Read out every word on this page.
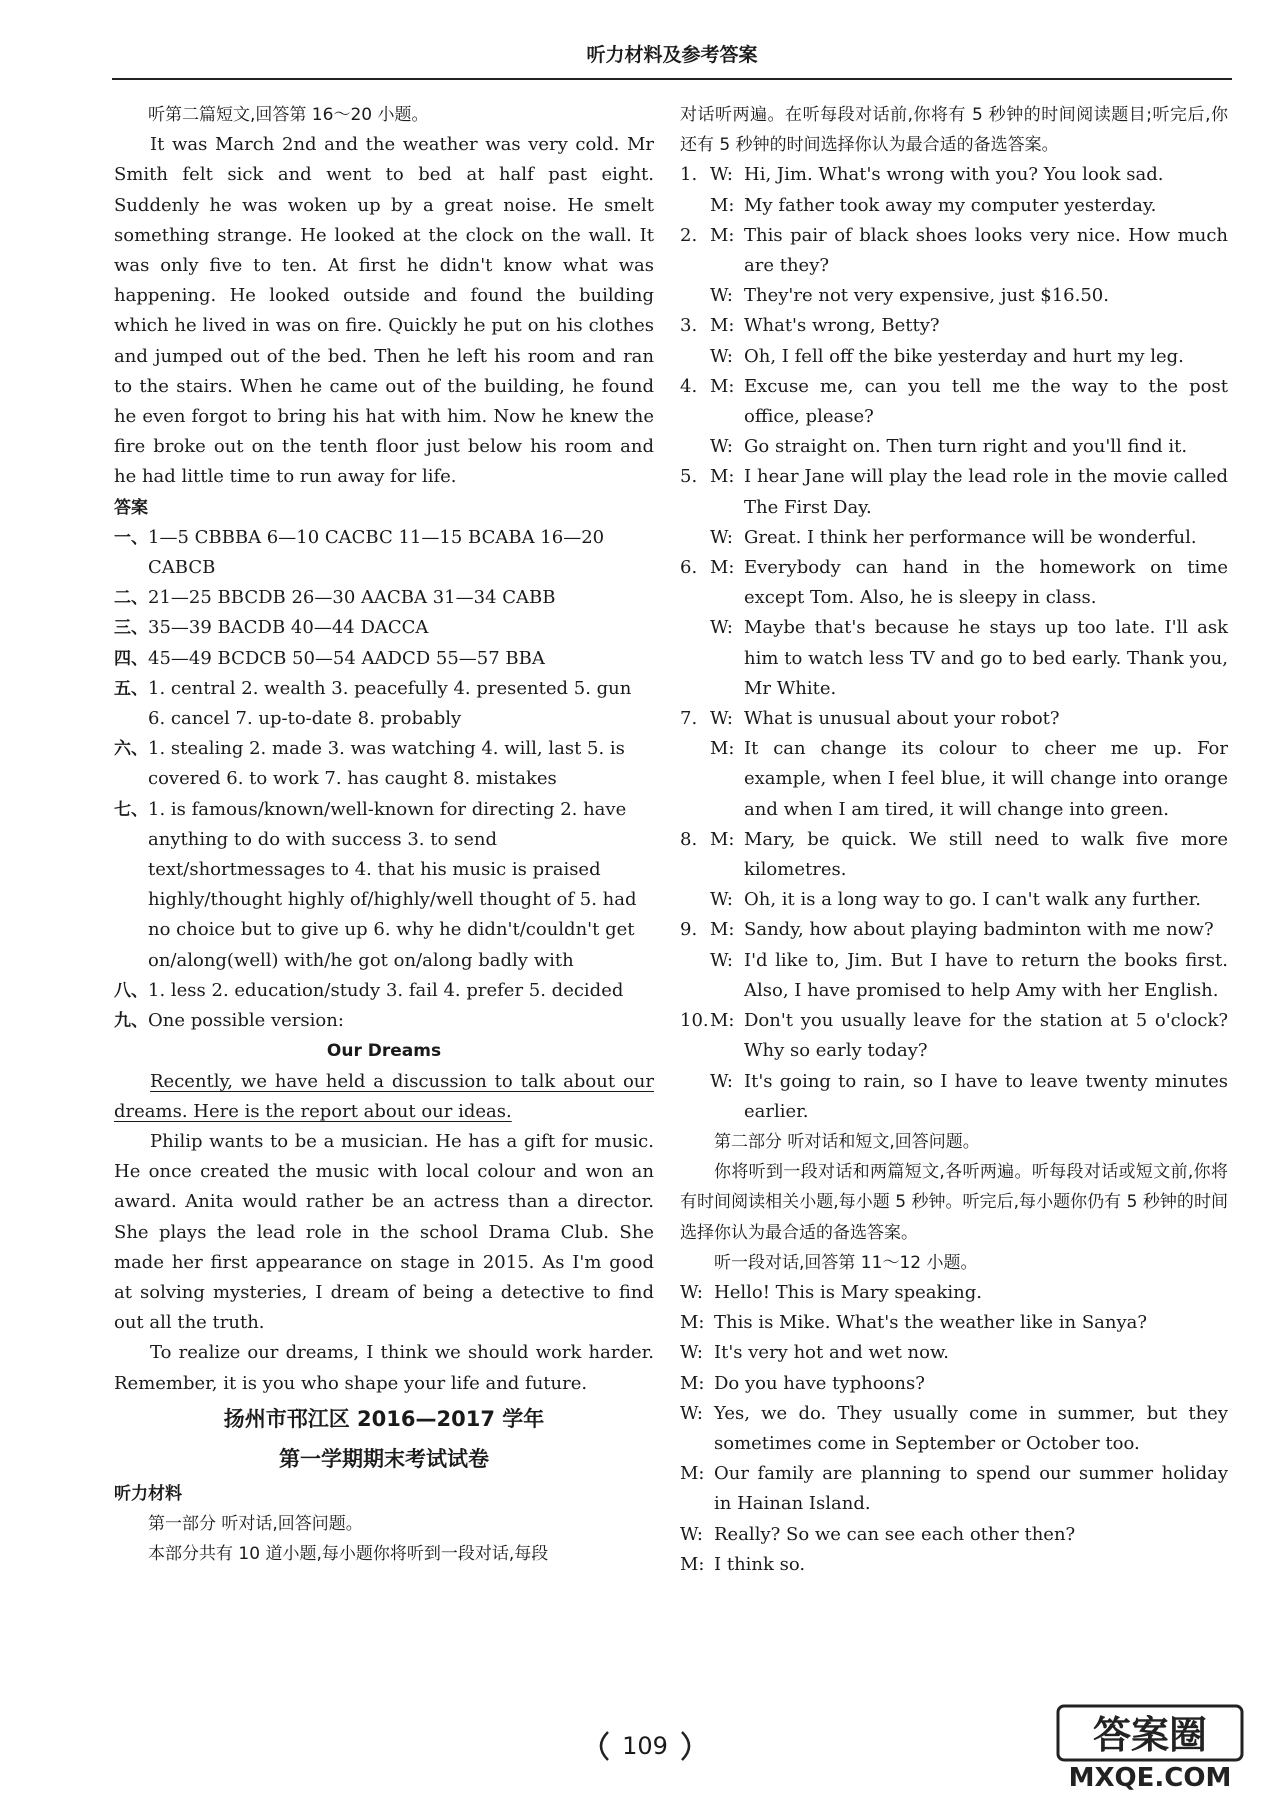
听力材料及参考答案

听第二篇短文,回答第 16～20 小题。

It was March 2nd and the weather was very cold. Mr Smith felt sick and went to bed at half past eight. Suddenly he was woken up by a great noise. He smelt something strange. He looked at the clock on the wall. It was only five to ten. At first he didn't know what was happening. He looked outside and found the building which he lived in was on fire. Quickly he put on his clothes and jumped out of the bed. Then he left his room and ran to the stairs. When he came out of the building, he found he even forgot to bring his hat with him. Now he knew the fire broke out on the tenth floor just below his room and he had little time to run away for life.

答案

一、 1—5 CBBBA 6—10 CACBC 11—15 BCABA 16—20 CABCB
二、 21—25 BBCDB 26—30 AACBA 31—34 CABB
三、 35—39 BACDB 40—44 DACCA
四、 45—49 BCDCB 50—54 AADCD 55—57 BBA
五、 1. central 2. wealth 3. peacefully 4. presented 5. gun 6. cancel 7. up-to-date 8. probably
六、 1. stealing 2. made 3. was watching 4. will, last 5. is covered 6. to work 7. has caught 8. mistakes
七、 1. is famous/known/well-known for directing 2. have anything to do with success 3. to send text/shortmessages to 4. that his music is praised highly/thought highly of/highly/well thought of 5. had no choice but to give up 6. why he didn't/couldn't get on/along(well) with/he got on/along badly with
八、 1. less 2. education/study 3. fail 4. prefer 5. decided
九、 One possible version:

Our Dreams

Recently, we have held a discussion to talk about our dreams. Here is the report about our ideas.

Philip wants to be a musician. He has a gift for music. He once created the music with local colour and won an award. Anita would rather be an actress than a director. She plays the lead role in the school Drama Club. She made her first appearance on stage in 2015. As I'm good at solving mysteries, I dream of being a detective to find out all the truth.

To realize our dreams, I think we should work harder. Remember, it is you who shape your life and future.

扬州市邗江区 2016—2017 学年

第一学期期末考试试卷

听力材料

第一部分 听对话,回答问题。

本部分共有 10 道小题,每小题你将听到一段对话,每段

对话听两遍。在听每段对话前,你将有 5 秒钟的时间阅读题目;听完后,你还有 5 秒钟的时间选择你认为最合适的备选答案。

1. W: Hi, Jim. What's wrong with you? You look sad.
M: My father took away my computer yesterday.
2. M: This pair of black shoes looks very nice. How much are they?
W: They're not very expensive, just $16.50.
3. M: What's wrong, Betty?
W: Oh, I fell off the bike yesterday and hurt my leg.
4. M: Excuse me, can you tell me the way to the post office, please?
W: Go straight on. Then turn right and you'll find it.
5. M: I hear Jane will play the lead role in the movie called The First Day.
W: Great. I think her performance will be wonderful.
6. M: Everybody can hand in the homework on time except Tom. Also, he is sleepy in class.
W: Maybe that's because he stays up too late. I'll ask him to watch less TV and go to bed early. Thank you, Mr White.
7. W: What is unusual about your robot?
M: It can change its colour to cheer me up. For example, when I feel blue, it will change into orange and when I am tired, it will change into green.
8. M: Mary, be quick. We still need to walk five more kilometres.
W: Oh, it is a long way to go. I can't walk any further.
9. M: Sandy, how about playing badminton with me now?
W: I'd like to, Jim. But I have to return the books first. Also, I have promised to help Amy with her English.
10. M: Don't you usually leave for the station at 5 o'clock? Why so early today?
W: It's going to rain, so I have to leave twenty minutes earlier.

第二部分 听对话和短文,回答问题。

你将听到一段对话和两篇短文,各听两遍。听每段对话或短文前,你将有时间阅读相关小题,每小题 5 秒钟。听完后,每小题你仍有 5 秒钟的时间选择你认为最合适的备选答案。

听一段对话,回答第 11～12 小题。

W: Hello! This is Mary speaking.
M: This is Mike. What's the weather like in Sanya?
W: It's very hot and wet now.
M: Do you have typhoons?
W: Yes, we do. They usually come in summer, but they sometimes come in September or October too.
M: Our family are planning to spend our summer holiday in Hainan Island.
W: Really? So we can see each other then?
M: I think so.
109	答案圈
MXQE.COM
